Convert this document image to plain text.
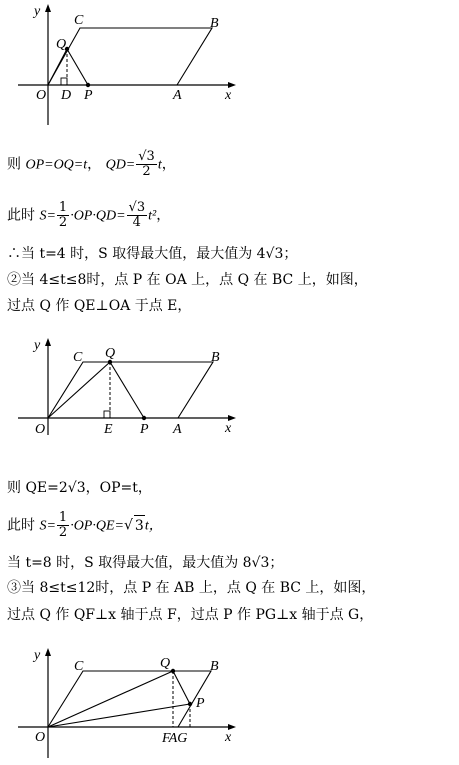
y
x
O
C	B
Q
D P	A
则 OP=OQ=t， $QD= \frac{√3}{2}$ t，
此时 $S= \frac{1}{2} \cdot OP\cdot QD= \frac{√3}{4} t^2$，
∴当 t=4 时，S 取得最大值，最大值为 4√3；
②当 4≤t≤8时，点 P 在 OA 上，点 Q 在 BC 上，如图，
过点 Q 作 QE⊥OA 于点 E，
y
x
O
C Q	B
E P A
则 QE=2√3，OP=t，
此时 $S= \frac{1}{2} \cdot OP\cdot QE=√$ 3t，
当 t=8 时，S 取得最大值，最大值为 8√3；
③当 8≤t≤12时，点 P 在 AB 上，点 Q 在 BC 上，如图，
过点 Q 作 QF⊥x 轴于点 F，过点 P 作 PG⊥x 轴于点 G，
y
x
O
C	Q	B
P
FAG
